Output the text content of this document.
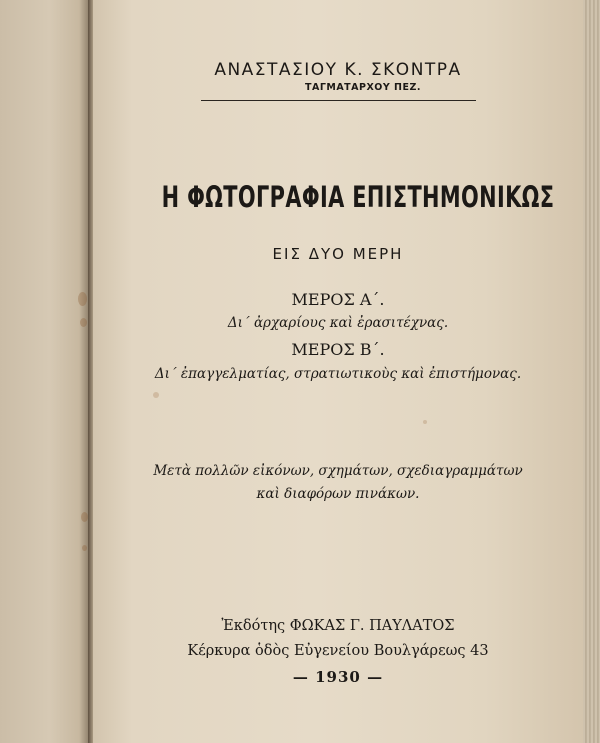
ΑΝΑΣΤΑΣΙΟΥ Κ. ΣΚΟΝΤΡΑ
ΤΑΓΜΑΤΑΡΧΟΥ ΠΕΖ.
Η ΦΩΤΟΓΡΑΦΙΑ ΕΠΙΣΤΗΜΟΝΙΚΩΣ
ΕΙΣ ΔΥΟ ΜΕΡΗ
ΜΕΡΟΣ Α΄.
Δι΄ ἀρχαρίους καὶ ἐρασιτέχνας.
ΜΕΡΟΣ Β΄.
Δι΄ ἐπαγγελματίας, στρατιωτικοὺς καὶ ἐπιστήμονας.
Μετὰ πολλῶν εἰκόνων, σχημάτων, σχεδιαγραμμάτων
καὶ διαφόρων πινάκων.
Ἐκδότης ΦΩΚΑΣ Γ. ΠΑΥΛΑΤΟΣ
Κέρκυρα ὁδὸς Εὐγενείου Βουλγάρεως 43
— 1930 —
